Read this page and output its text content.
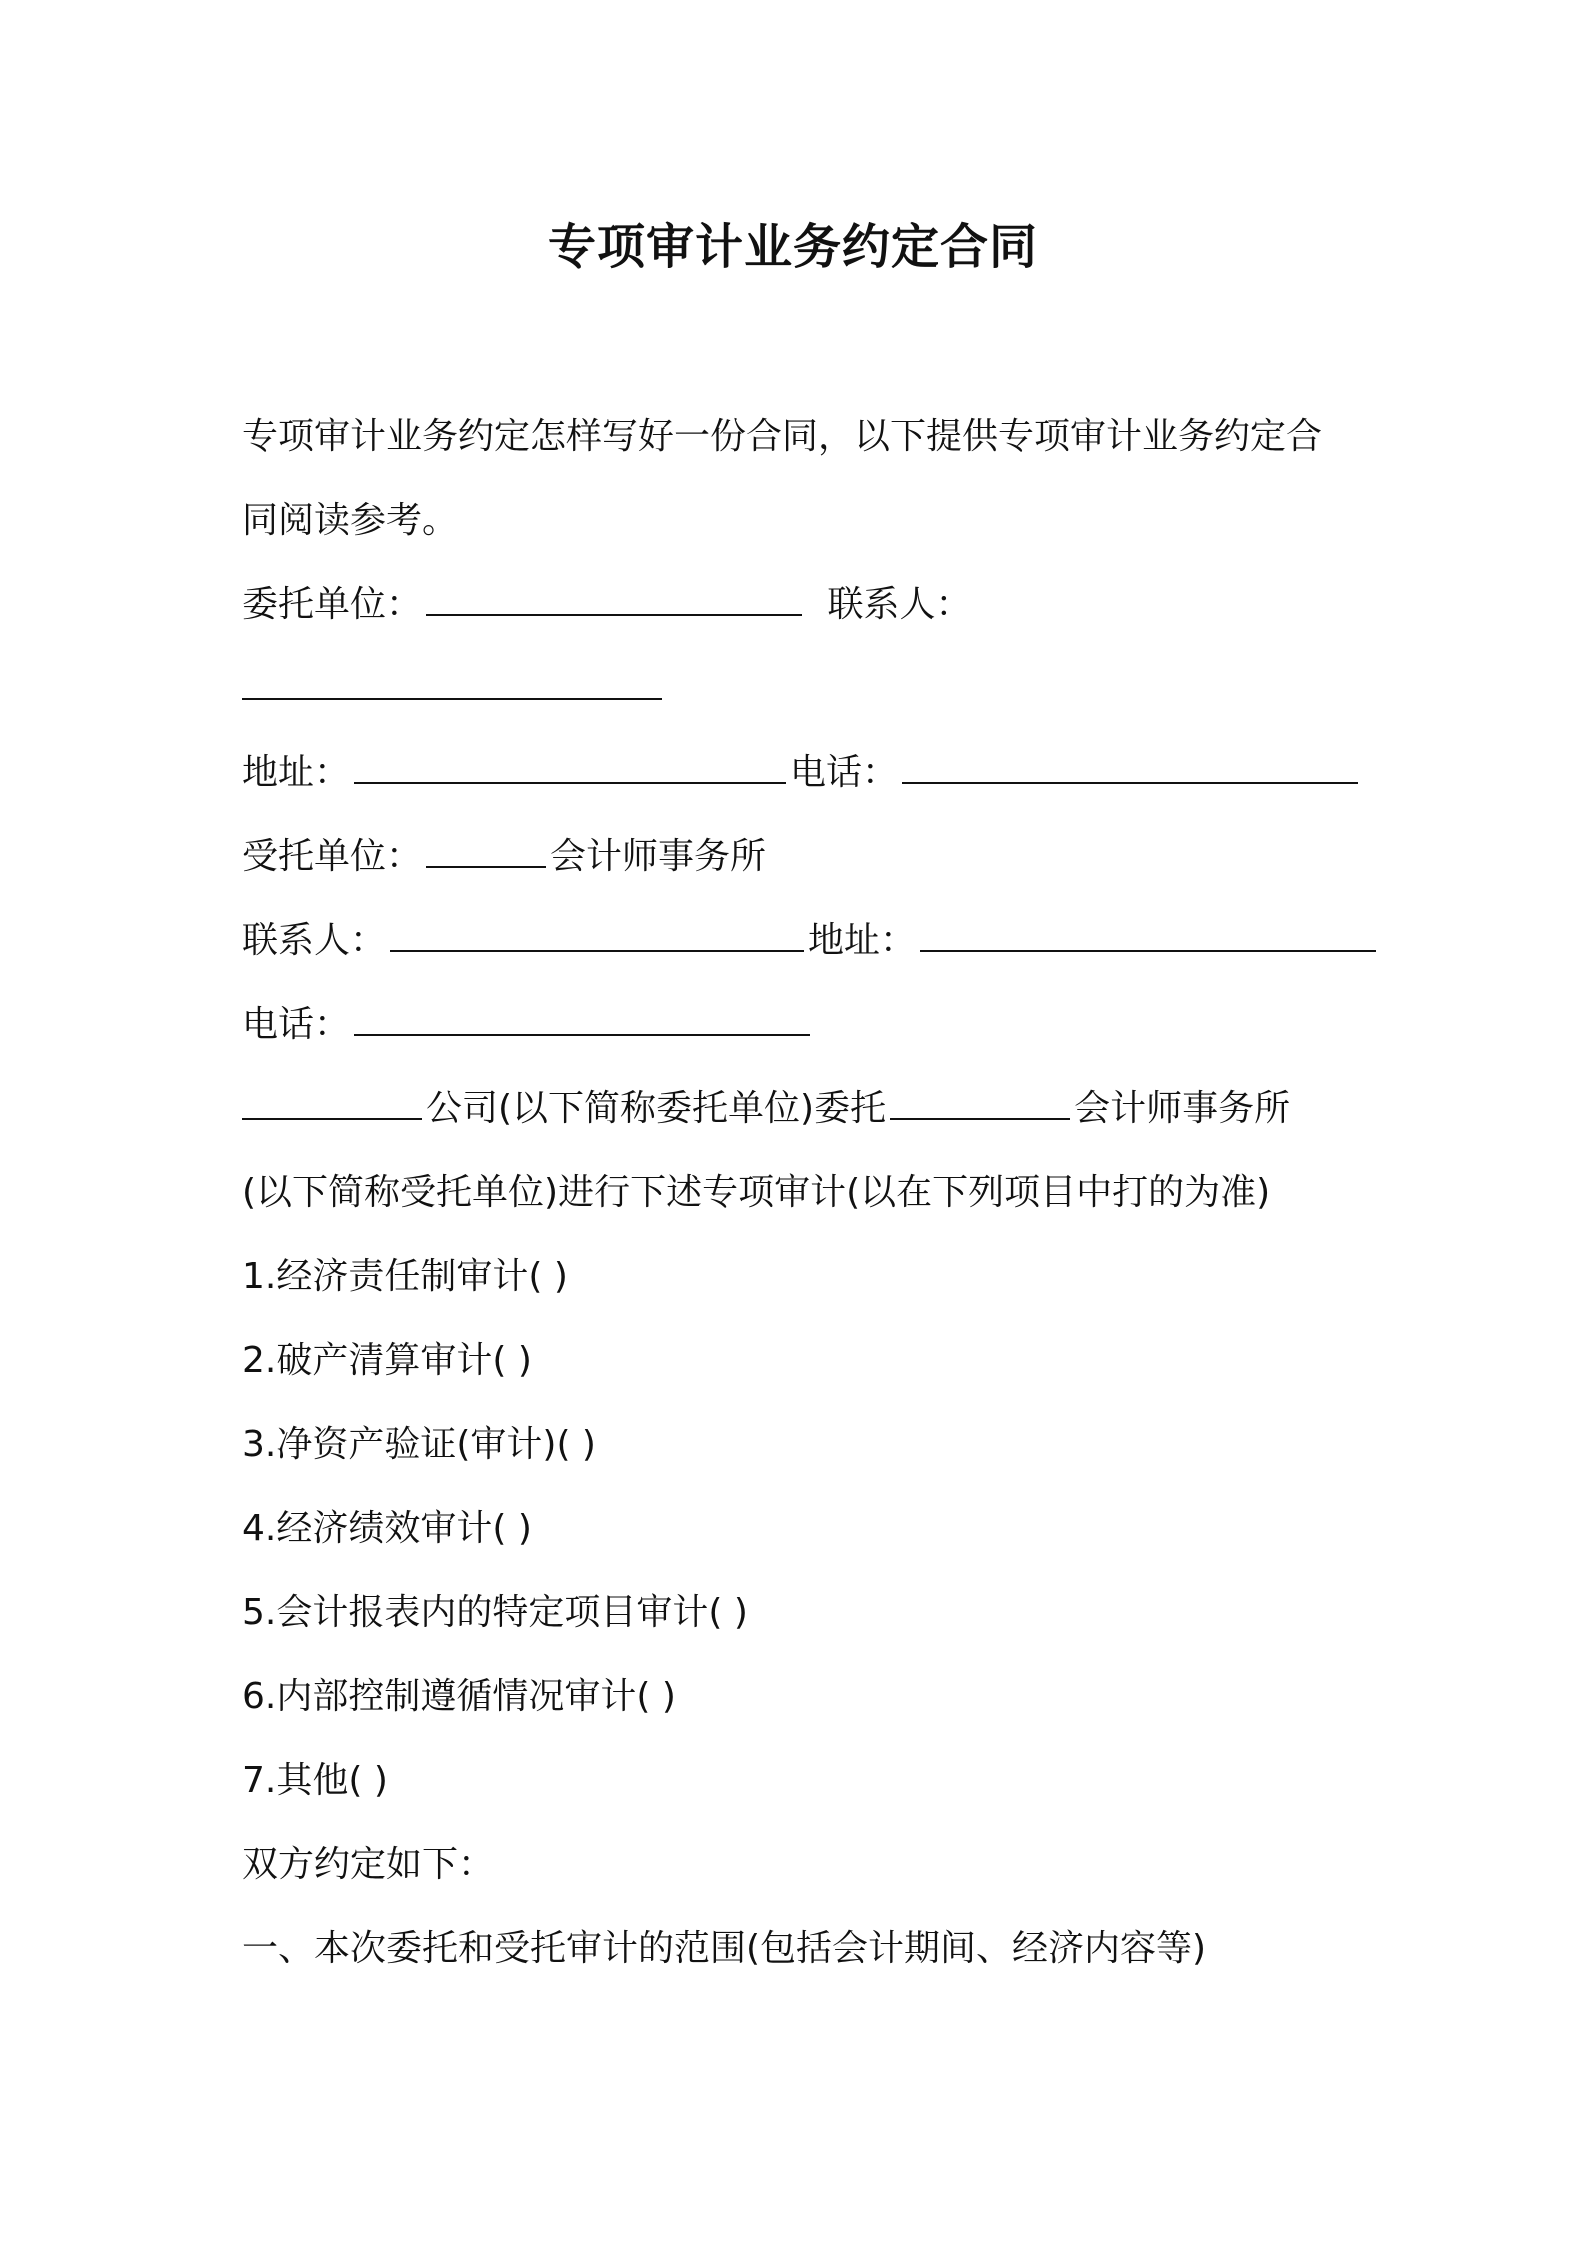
专项审计业务约定合同
专项审计业务约定怎样写好一份合同，以下提供专项审计业务约定合
同阅读参考。
委托单位：	联系人：
地址：	电话：
受托单位：	会计师事务所
联系人：	地址：
电话：
公司(以下简称委托单位)委托	会计师事务所
(以下简称受托单位)进行下述专项审计(以在下列项目中打的为准)
1.经济责任制审计( )
2.破产清算审计( )
3.净资产验证(审计)( )
4.经济绩效审计( )
5.会计报表内的特定项目审计( )
6.内部控制遵循情况审计( )
7.其他( )
双方约定如下：
一、本次委托和受托审计的范围(包括会计期间、经济内容等)
